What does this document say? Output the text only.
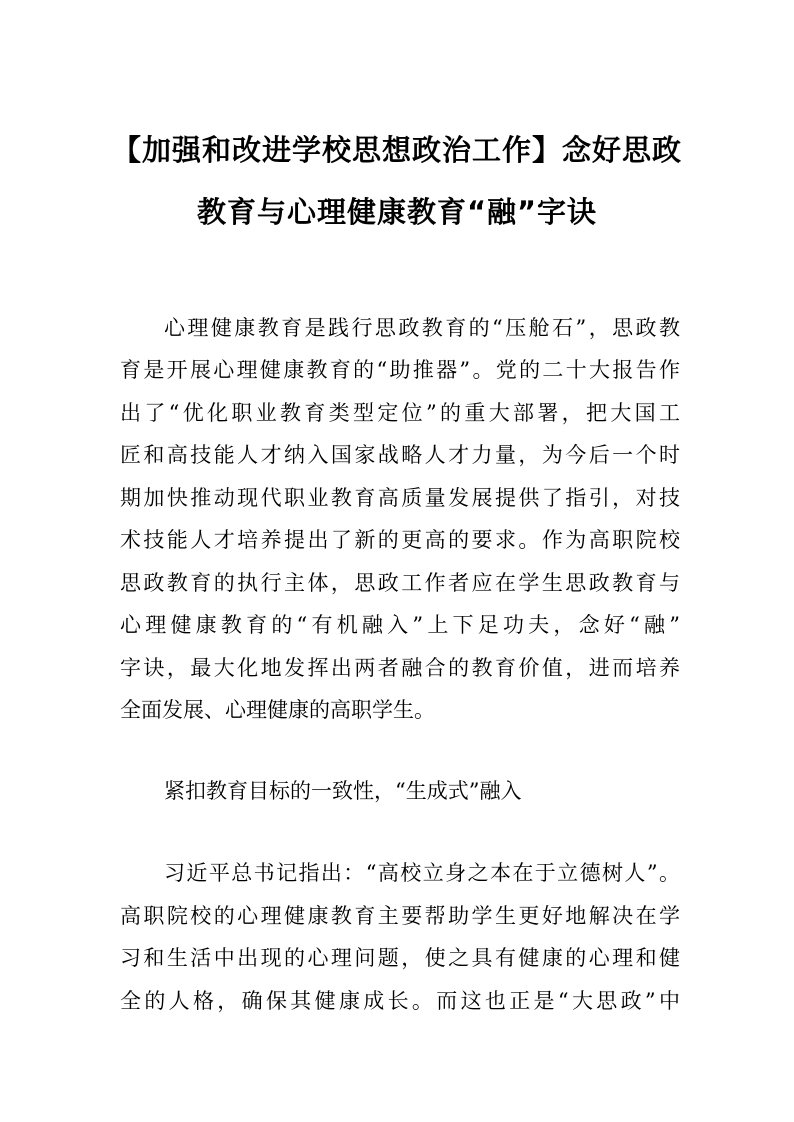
【加强和改进学校思想政治工作】念好思政
教育与心理健康教育“融”字诀
心理健康教育是践行思政教育的“压舱石”，思政教
育是开展心理健康教育的“助推器”。党的二十大报告作
出了“优化职业教育类型定位”的重大部署，把大国工
匠和高技能人才纳入国家战略人才力量，为今后一个时
期加快推动现代职业教育高质量发展提供了指引，对技
术技能人才培养提出了新的更高的要求。作为高职院校
思政教育的执行主体，思政工作者应在学生思政教育与
心理健康教育的“有机融入”上下足功夫，念好“融”
字诀，最大化地发挥出两者融合的教育价值，进而培养
全面发展、心理健康的高职学生。
紧扣教育目标的一致性，“生成式”融入
习近平总书记指出：“高校立身之本在于立德树人”。
高职院校的心理健康教育主要帮助学生更好地解决在学
习和生活中出现的心理问题，使之具有健康的心理和健
全的人格，确保其健康成长。而这也正是“大思政”中
